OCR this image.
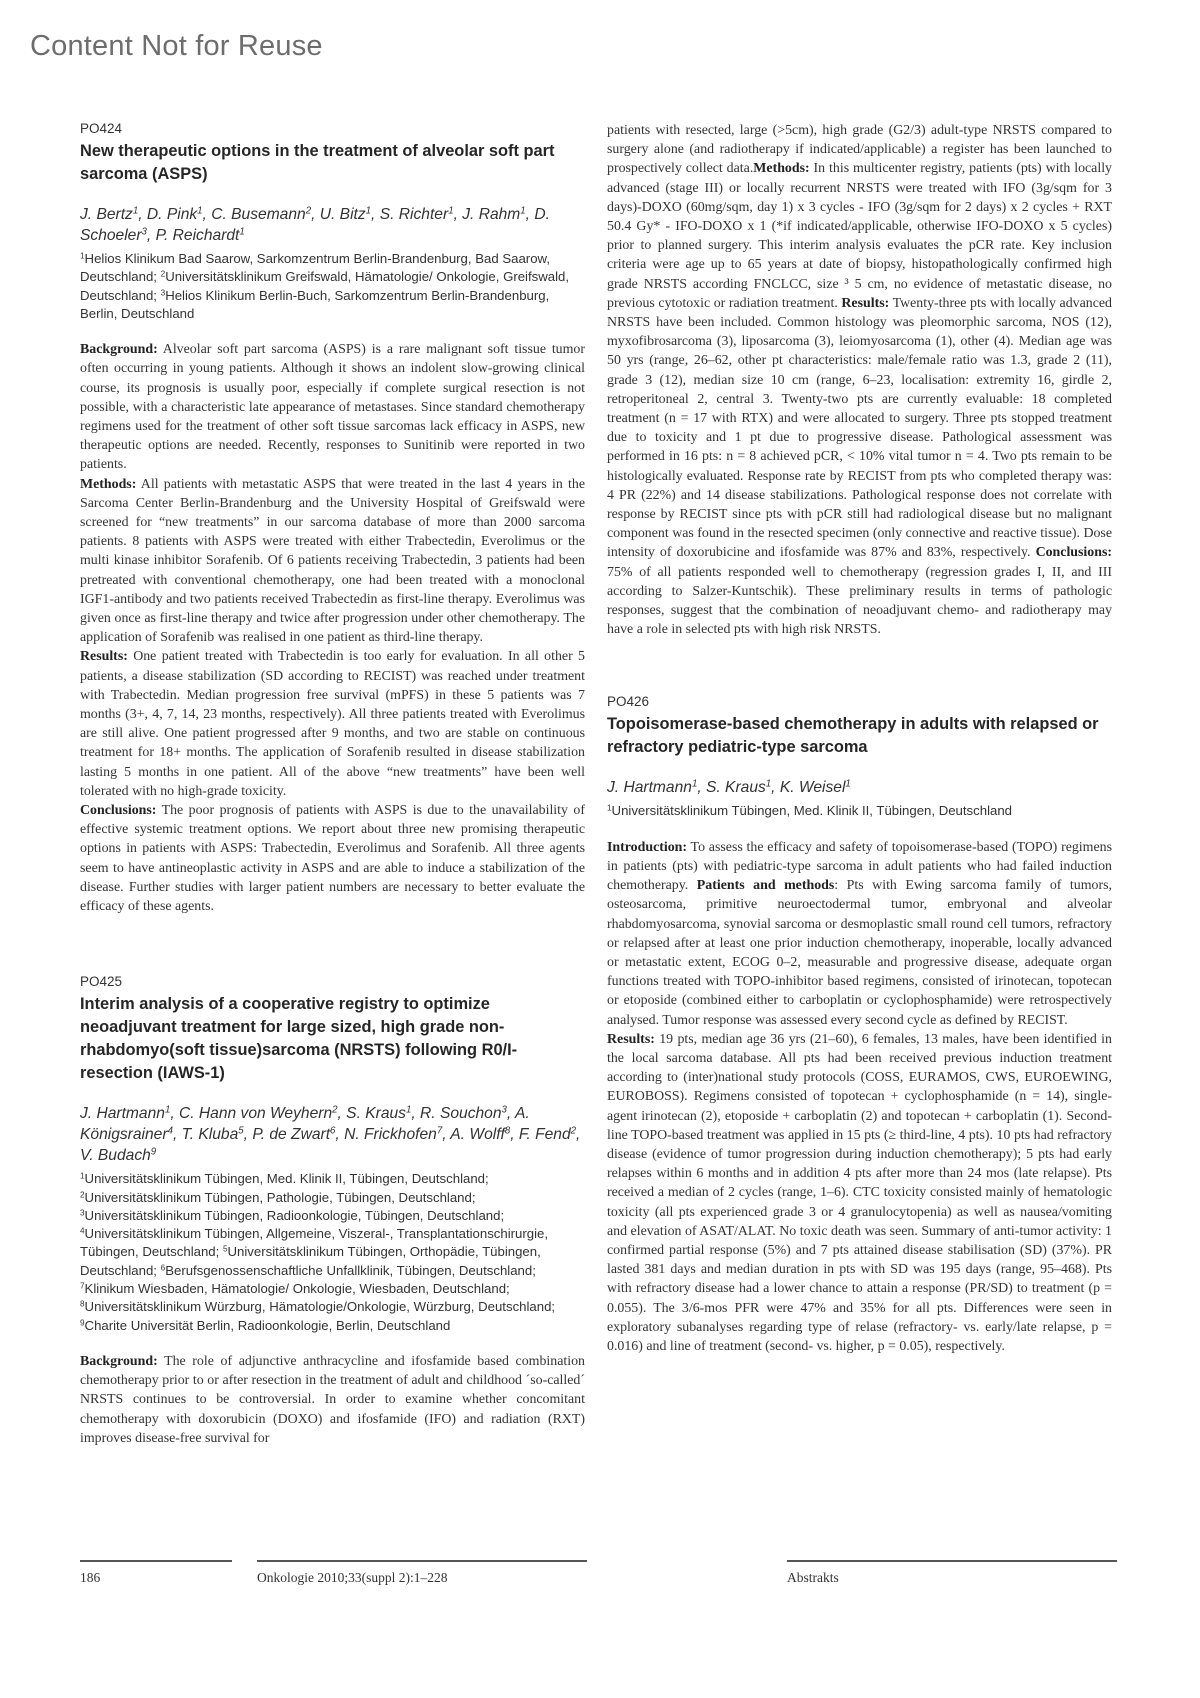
Content Not for Reuse
PO424
New therapeutic options in the treatment of alveolar soft part sarcoma (ASPS)
J. Bertz$^1$, D. Pink$^1$, C. Busemann$^2$, U. Bitz$^1$, S. Richter$^1$, J. Rahm$^1$, D. Schoeler$^3$, P. Reichardt$^1$
$^1$Helios Klinikum Bad Saarow, Sarkomzentrum Berlin-Brandenburg, Bad Saarow, Deutschland; $^2$Universitätsklinikum Greifswald, Hämatologie/ Onkologie, Greifswald, Deutschland; $^3$Helios Klinikum Berlin-Buch, Sarkomzentrum Berlin-Brandenburg, Berlin, Deutschland

Background: Alveolar soft part sarcoma (ASPS) is a rare malignant soft tissue tumor often occurring in young patients. Although it shows an indolent slow-growing clinical course, its prognosis is usually poor, especially if complete surgical resection is not possible, with a characteristic late appearance of metastases. Since standard chemotherapy regimens used for the treatment of other soft tissue sarcomas lack efficacy in ASPS, new therapeutic options are needed. Recently, responses to Sunitinib were reported in two patients.

Methods: All patients with metastatic ASPS that were treated in the last 4 years in the Sarcoma Center Berlin-Brandenburg and the University Hospital of Greifswald were screened for “new treatments” in our sarcoma database of more than 2000 sarcoma patients. 8 patients with ASPS were treated with either Trabectedin, Everolimus or the multi kinase inhibitor Sorafenib. Of 6 patients receiving Trabectedin, 3 patients had been pretreated with conventional chemotherapy, one had been treated with a monoclonal IGF1-antibody and two patients received Trabectedin as first-line therapy. Everolimus was given once as first-line therapy and twice after progression under other chemotherapy. The application of Sorafenib was realised in one patient as third-line therapy.

Results: One patient treated with Trabectedin is too early for evaluation. In all other 5 patients, a disease stabilization (SD according to RECIST) was reached under treatment with Trabectedin. Median progression free survival (mPFS) in these 5 patients was 7 months (3+, 4, 7, 14, 23 months, respectively). All three patients treated with Everolimus are still alive. One patient progressed after 9 months, and two are stable on continuous treatment for 18+ months. The application of Sorafenib resulted in disease stabilization lasting 5 months in one patient. All of the above “new treatments” have been well tolerated with no high-grade toxicity.

Conclusions: The poor prognosis of patients with ASPS is due to the unavailability of effective systemic treatment options. We report about three new promising therapeutic options in patients with ASPS: Trabectedin, Everolimus and Sorafenib. All three agents seem to have antineoplastic activity in ASPS and are able to induce a stabilization of the disease. Further studies with larger patient numbers are necessary to better evaluate the efficacy of these agents.

PO425
Interim analysis of a cooperative registry to optimize neoadjuvant treatment for large sized, high grade non-rhabdomyo(soft tissue)sarcoma (NRSTS) following R0/I-resection (IAWS-1)
J. Hartmann$^1$, C. Hann von Weyhern$^2$, S. Kraus$^1$, R. Souchon$^3$, A. Königsrainer$^4$, T. Kluba$^5$, P. de Zwart$^6$, N. Frickhofen$^7$, A. Wolff$^8$, F. Fend$^2$, V. Budach$^9$
$^1$Universitätsklinikum Tübingen, Med. Klinik II, Tübingen, Deutschland; $^2$Universitätsklinikum Tübingen, Pathologie, Tübingen, Deutschland; $^3$Universitätsklinikum Tübingen, Radioonkologie, Tübingen, Deutschland; $^4$Universitätsklinikum Tübingen, Allgemeine, Viszeral-, Transplantationschirurgie, Tübingen, Deutschland; $^5$Universitätsklinikum Tübingen, Orthopädie, Tübingen, Deutschland; $^6$Berufsgenossenschaftliche Unfallklinik, Tübingen, Deutschland; $^7$Klinikum Wiesbaden, Hämatologie/ Onkologie, Wiesbaden, Deutschland; $^8$Universitätsklinikum Würzburg, Hämatologie/Onkologie, Würzburg, Deutschland; $^9$Charite Universität Berlin, Radioonkologie, Berlin, Deutschland

Background: The role of adjunctive anthracycline and ifosfamide based combination chemotherapy prior to or after resection in the treatment of adult and childhood ´so-called´ NRSTS continues to be controversial. In order to examine whether concomitant chemotherapy with doxorubicin (DOXO) and ifosfamide (IFO) and radiation (RXT) improves disease-free survival for

patients with resected, large (>5cm), high grade (G2/3) adult-type NRSTS compared to surgery alone (and radiotherapy if indicated/applicable) a register has been launched to prospectively collect data.Methods: In this multicenter registry, patients (pts) with locally advanced (stage III) or locally recurrent NRSTS were treated with IFO (3g/sqm for 3 days)-DOXO (60mg/sqm, day 1) x 3 cycles - IFO (3g/sqm for 2 days) x 2 cycles + RXT 50.4 Gy* - IFO-DOXO x 1 (*if indicated/applicable, otherwise IFO-DOXO x 5 cycles) prior to planned surgery. This interim analysis evaluates the pCR rate. Key inclusion criteria were age up to 65 years at date of biopsy, histopathologically confirmed high grade NRSTS according FNCLCC, size ³ 5 cm, no evidence of metastatic disease, no previous cytotoxic or radiation treatment. Results: Twenty-three pts with locally advanced NRSTS have been included. Common histology was pleomorphic sarcoma, NOS (12), myxofibrosarcoma (3), liposarcoma (3), leiomyosarcoma (1), other (4). Median age was 50 yrs (range, 26–62, other pt characteristics: male/female ratio was 1.3, grade 2 (11), grade 3 (12), median size 10 cm (range, 6–23, localisation: extremity 16, girdle 2, retroperitoneal 2, central 3. Twenty-two pts are currently evaluable: 18 completed treatment (n = 17 with RTX) and were allocated to surgery. Three pts stopped treatment due to toxicity and 1 pt due to progressive disease. Pathological assessment was performed in 16 pts: n = 8 achieved pCR, < 10% vital tumor n = 4. Two pts remain to be histologically evaluated. Response rate by RECIST from pts who completed therapy was: 4 PR (22%) and 14 disease stabilizations. Pathological response does not correlate with response by RECIST since pts with pCR still had radiological disease but no malignant component was found in the resected specimen (only connective and reactive tissue). Dose intensity of doxorubicine and ifosfamide was 87% and 83%, respectively. Conclusions: 75% of all patients responded well to chemotherapy (regression grades I, II, and III according to Salzer-Kuntschik). These preliminary results in terms of pathologic responses, suggest that the combination of neoadjuvant chemo- and radiotherapy may have a role in selected pts with high risk NRSTS.

PO426
Topoisomerase-based chemotherapy in adults with relapsed or refractory pediatric-type sarcoma
J. Hartmann$^1$, S. Kraus$^1$, K. Weisel$^1$
$^1$Universitätsklinikum Tübingen, Med. Klinik II, Tübingen, Deutschland

Introduction: To assess the efficacy and safety of topoisomerase-based (TOPO) regimens in patients (pts) with pediatric-type sarcoma in adult patients who had failed induction chemotherapy. Patients and methods: Pts with Ewing sarcoma family of tumors, osteosarcoma, primitive neuroectodermal tumor, embryonal and alveolar rhabdomyosarcoma, synovial sarcoma or desmoplastic small round cell tumors, refractory or relapsed after at least one prior induction chemotherapy, inoperable, locally advanced or metastatic extent, ECOG 0–2, measurable and progressive disease, adequate organ functions treated with TOPO-inhibitor based regimens, consisted of irinotecan, topotecan or etoposide (combined either to carboplatin or cyclophosphamide) were retrospectively analysed. Tumor response was assessed every second cycle as defined by RECIST.

Results: 19 pts, median age 36 yrs (21–60), 6 females, 13 males, have been identified in the local sarcoma database. All pts had been received previous induction treatment according to (inter)national study protocols (COSS, EURAMOS, CWS, EUROEWING, EUROBOSS). Regimens consisted of topotecan + cyclophosphamide (n = 14), single-agent irinotecan (2), etoposide + carboplatin (2) and topotecan + carboplatin (1). Second-line TOPO-based treatment was applied in 15 pts (≥ third-line, 4 pts). 10 pts had refractory disease (evidence of tumor progression during induction chemotherapy); 5 pts had early relapses within 6 months and in addition 4 pts after more than 24 mos (late relapse). Pts received a median of 2 cycles (range, 1–6). CTC toxicity consisted mainly of hematologic toxicity (all pts experienced grade 3 or 4 granulocytopenia) as well as nausea/vomiting and elevation of ASAT/ALAT. No toxic death was seen. Summary of anti-tumor activity: 1 confirmed partial response (5%) and 7 pts attained disease stabilisation (SD) (37%). PR lasted 381 days and median duration in pts with SD was 195 days (range, 95–468). Pts with refractory disease had a lower chance to attain a response (PR/SD) to treatment (p = 0.055). The 3/6-mos PFR were 47% and 35% for all pts. Differences were seen in exploratory subanalyses regarding type of relase (refractory- vs. early/late relapse, p = 0.016) and line of treatment (second- vs. higher, p = 0.05), respectively.

186	Onkologie 2010;33(suppl 2):1–228	Abstrakts
